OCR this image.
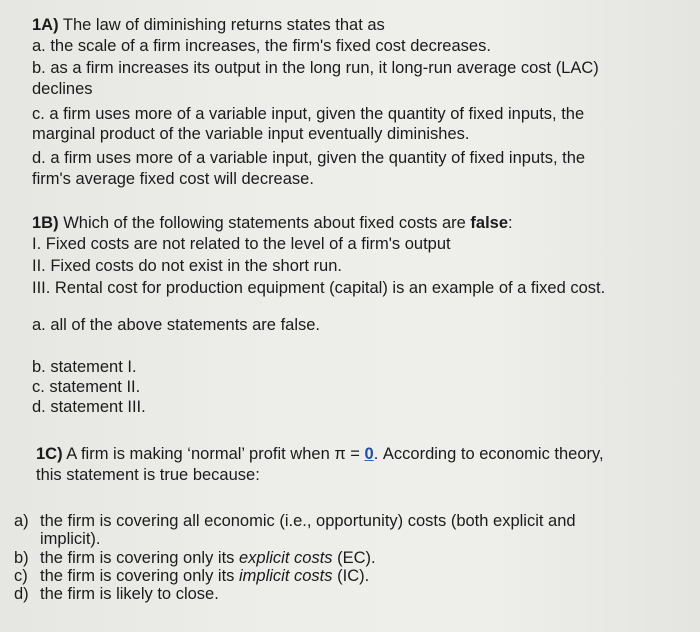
1A) The law of diminishing returns states that as
a. the scale of a firm increases, the firm's fixed cost decreases.
b. as a firm increases its output in the long run, it long-run average cost (LAC)
declines
c. a firm uses more of a variable input, given the quantity of fixed inputs, the
marginal product of the variable input eventually diminishes.
d. a firm uses more of a variable input, given the quantity of fixed inputs, the
firm's average fixed cost will decrease.
1B) Which of the following statements about fixed costs are false:
I. Fixed costs are not related to the level of a firm's output
II. Fixed costs do not exist in the short run.
III. Rental cost for production equipment (capital) is an example of a fixed cost.
a. all of the above statements are false.
b. statement I.
c. statement II.
d. statement III.
1C) A firm is making ‘normal’ profit when π = 0. According to economic theory,
this statement is true because:
a) the firm is covering all economic (i.e., opportunity) costs (both explicit and
implicit).
b) the firm is covering only its explicit costs (EC).
c) the firm is covering only its implicit costs (IC).
d) the firm is likely to close.
